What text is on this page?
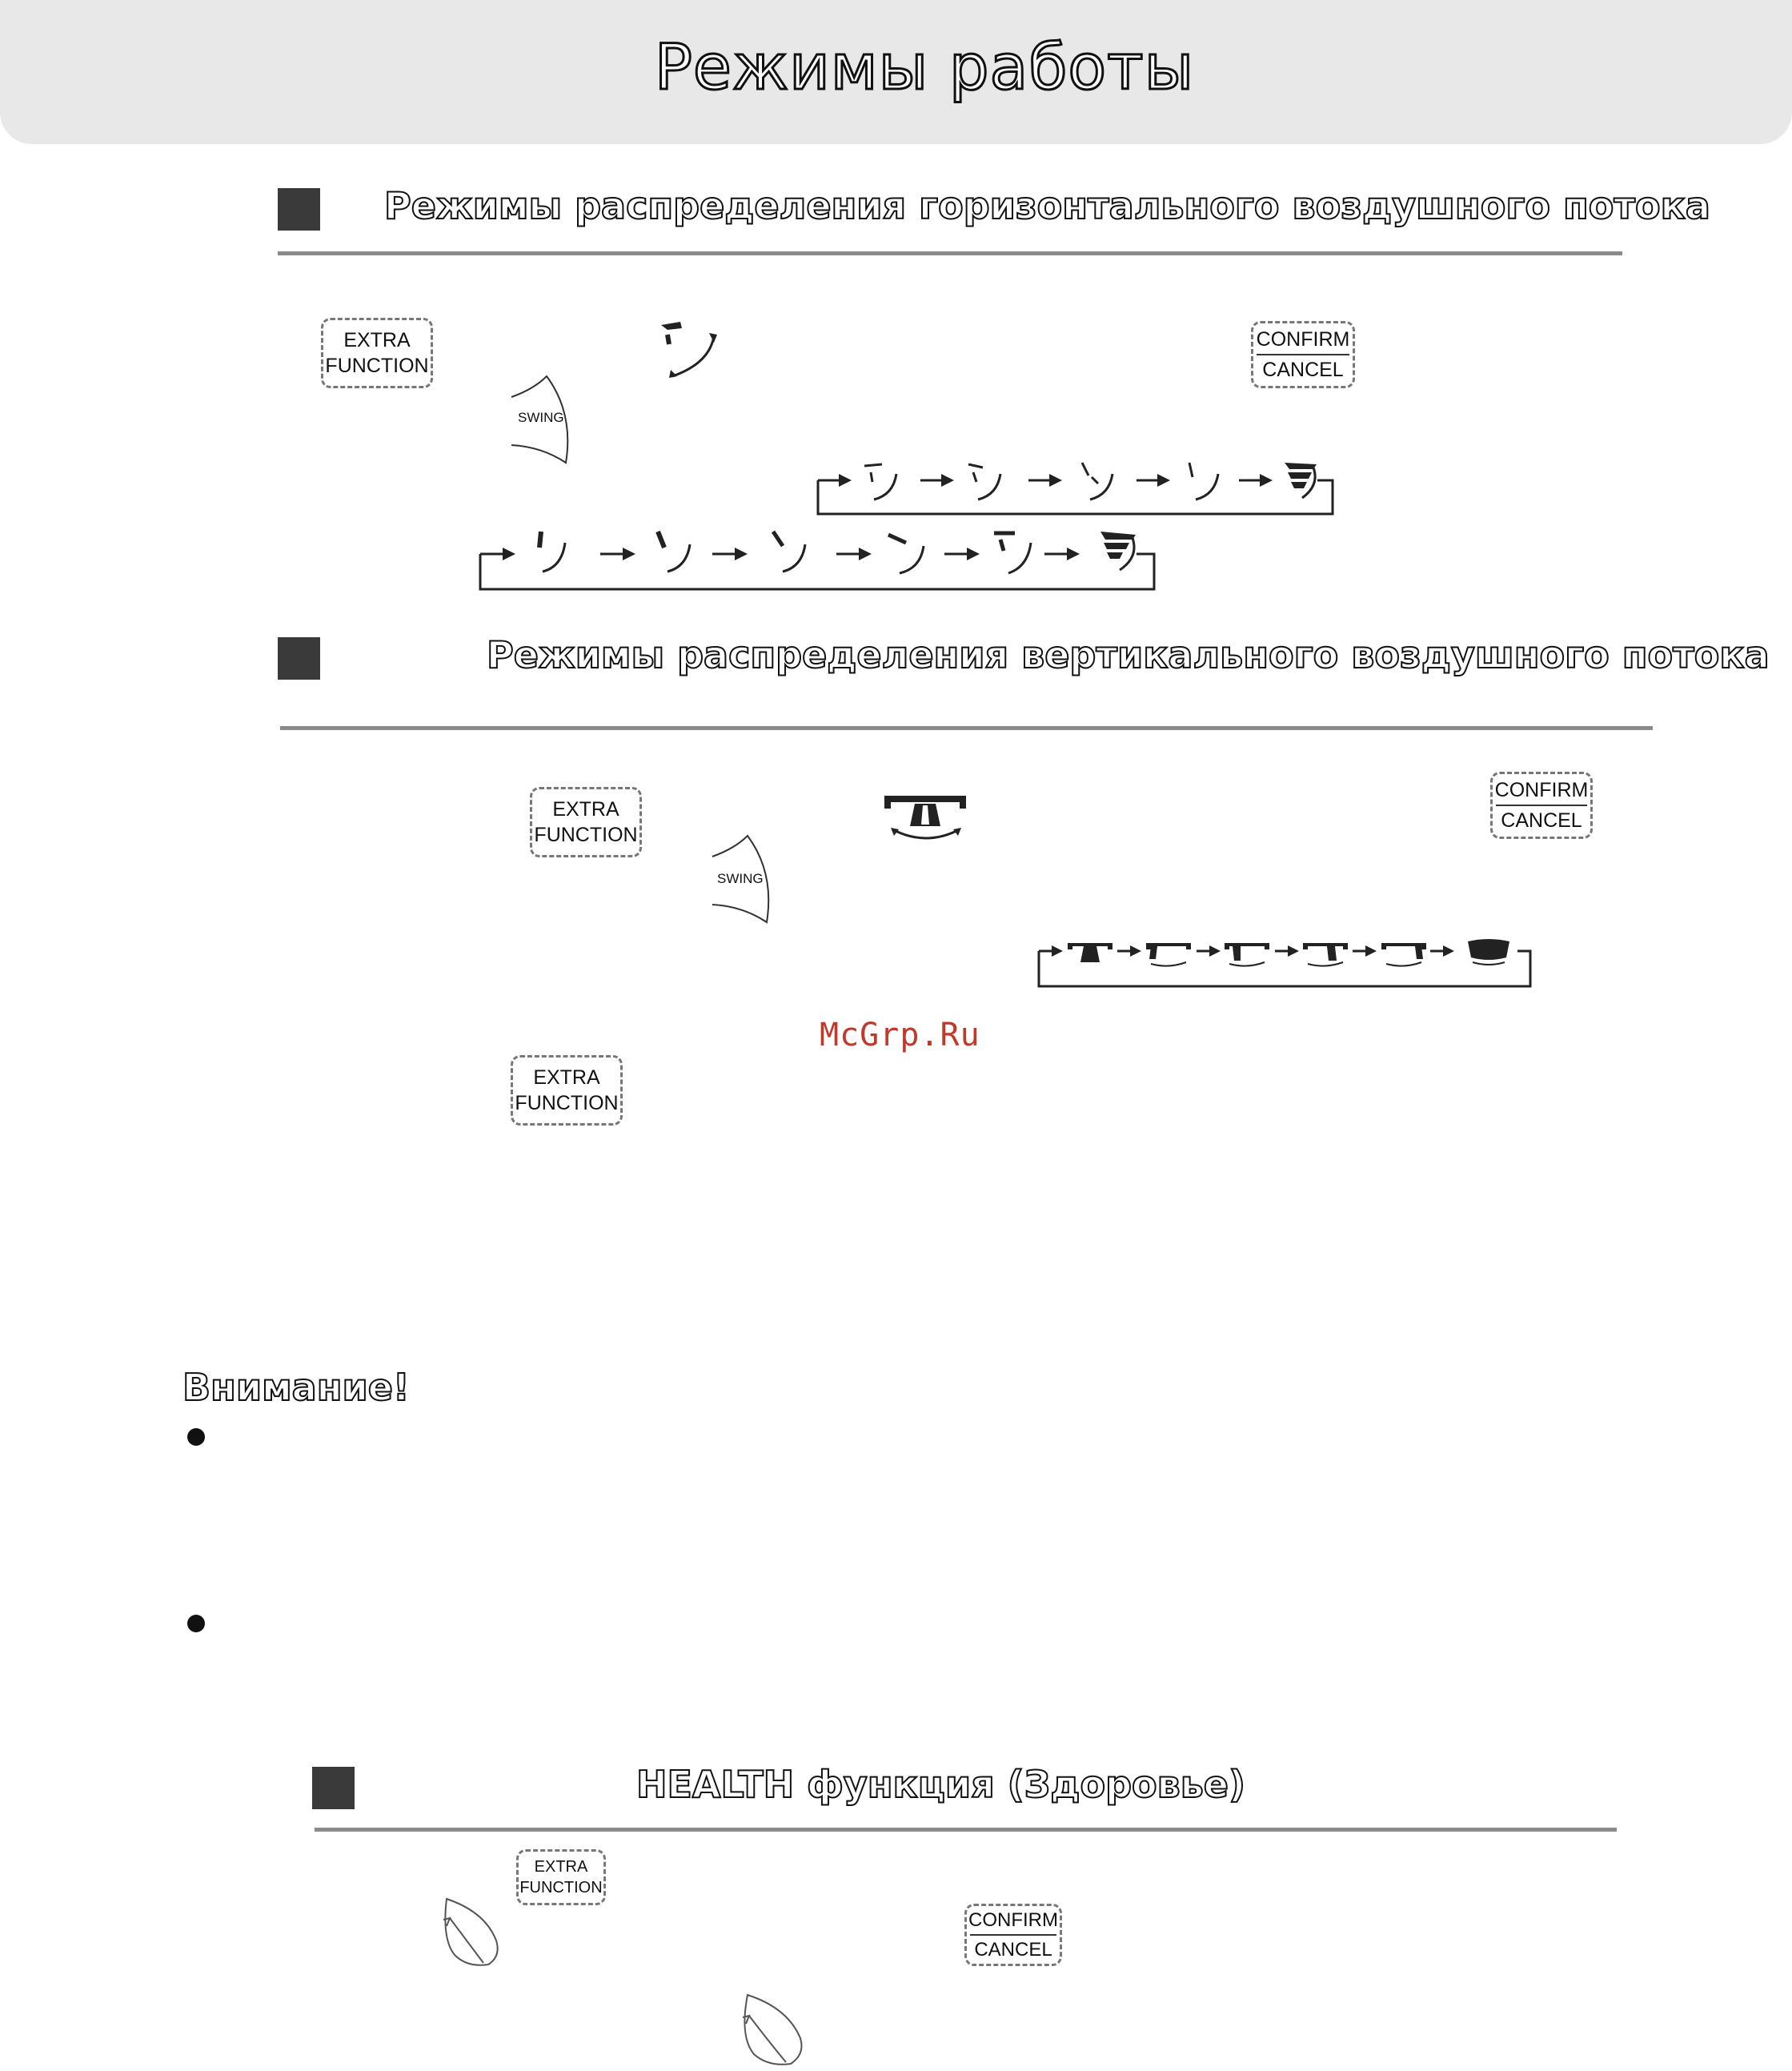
Режимы работы
Режимы распределения горизонтального воздушного потока
EXTRA
FUNCTION
CONFIRM
CANCEL
SWING
Режимы распределения вертикального воздушного потока
EXTRA
FUNCTION
CONFIRM
CANCEL
SWING
McGrp.Ru
EXTRA
FUNCTION
Внимание!
HEALTH функция (Здоровье)
EXTRA
FUNCTION
CONFIRM
CANCEL
